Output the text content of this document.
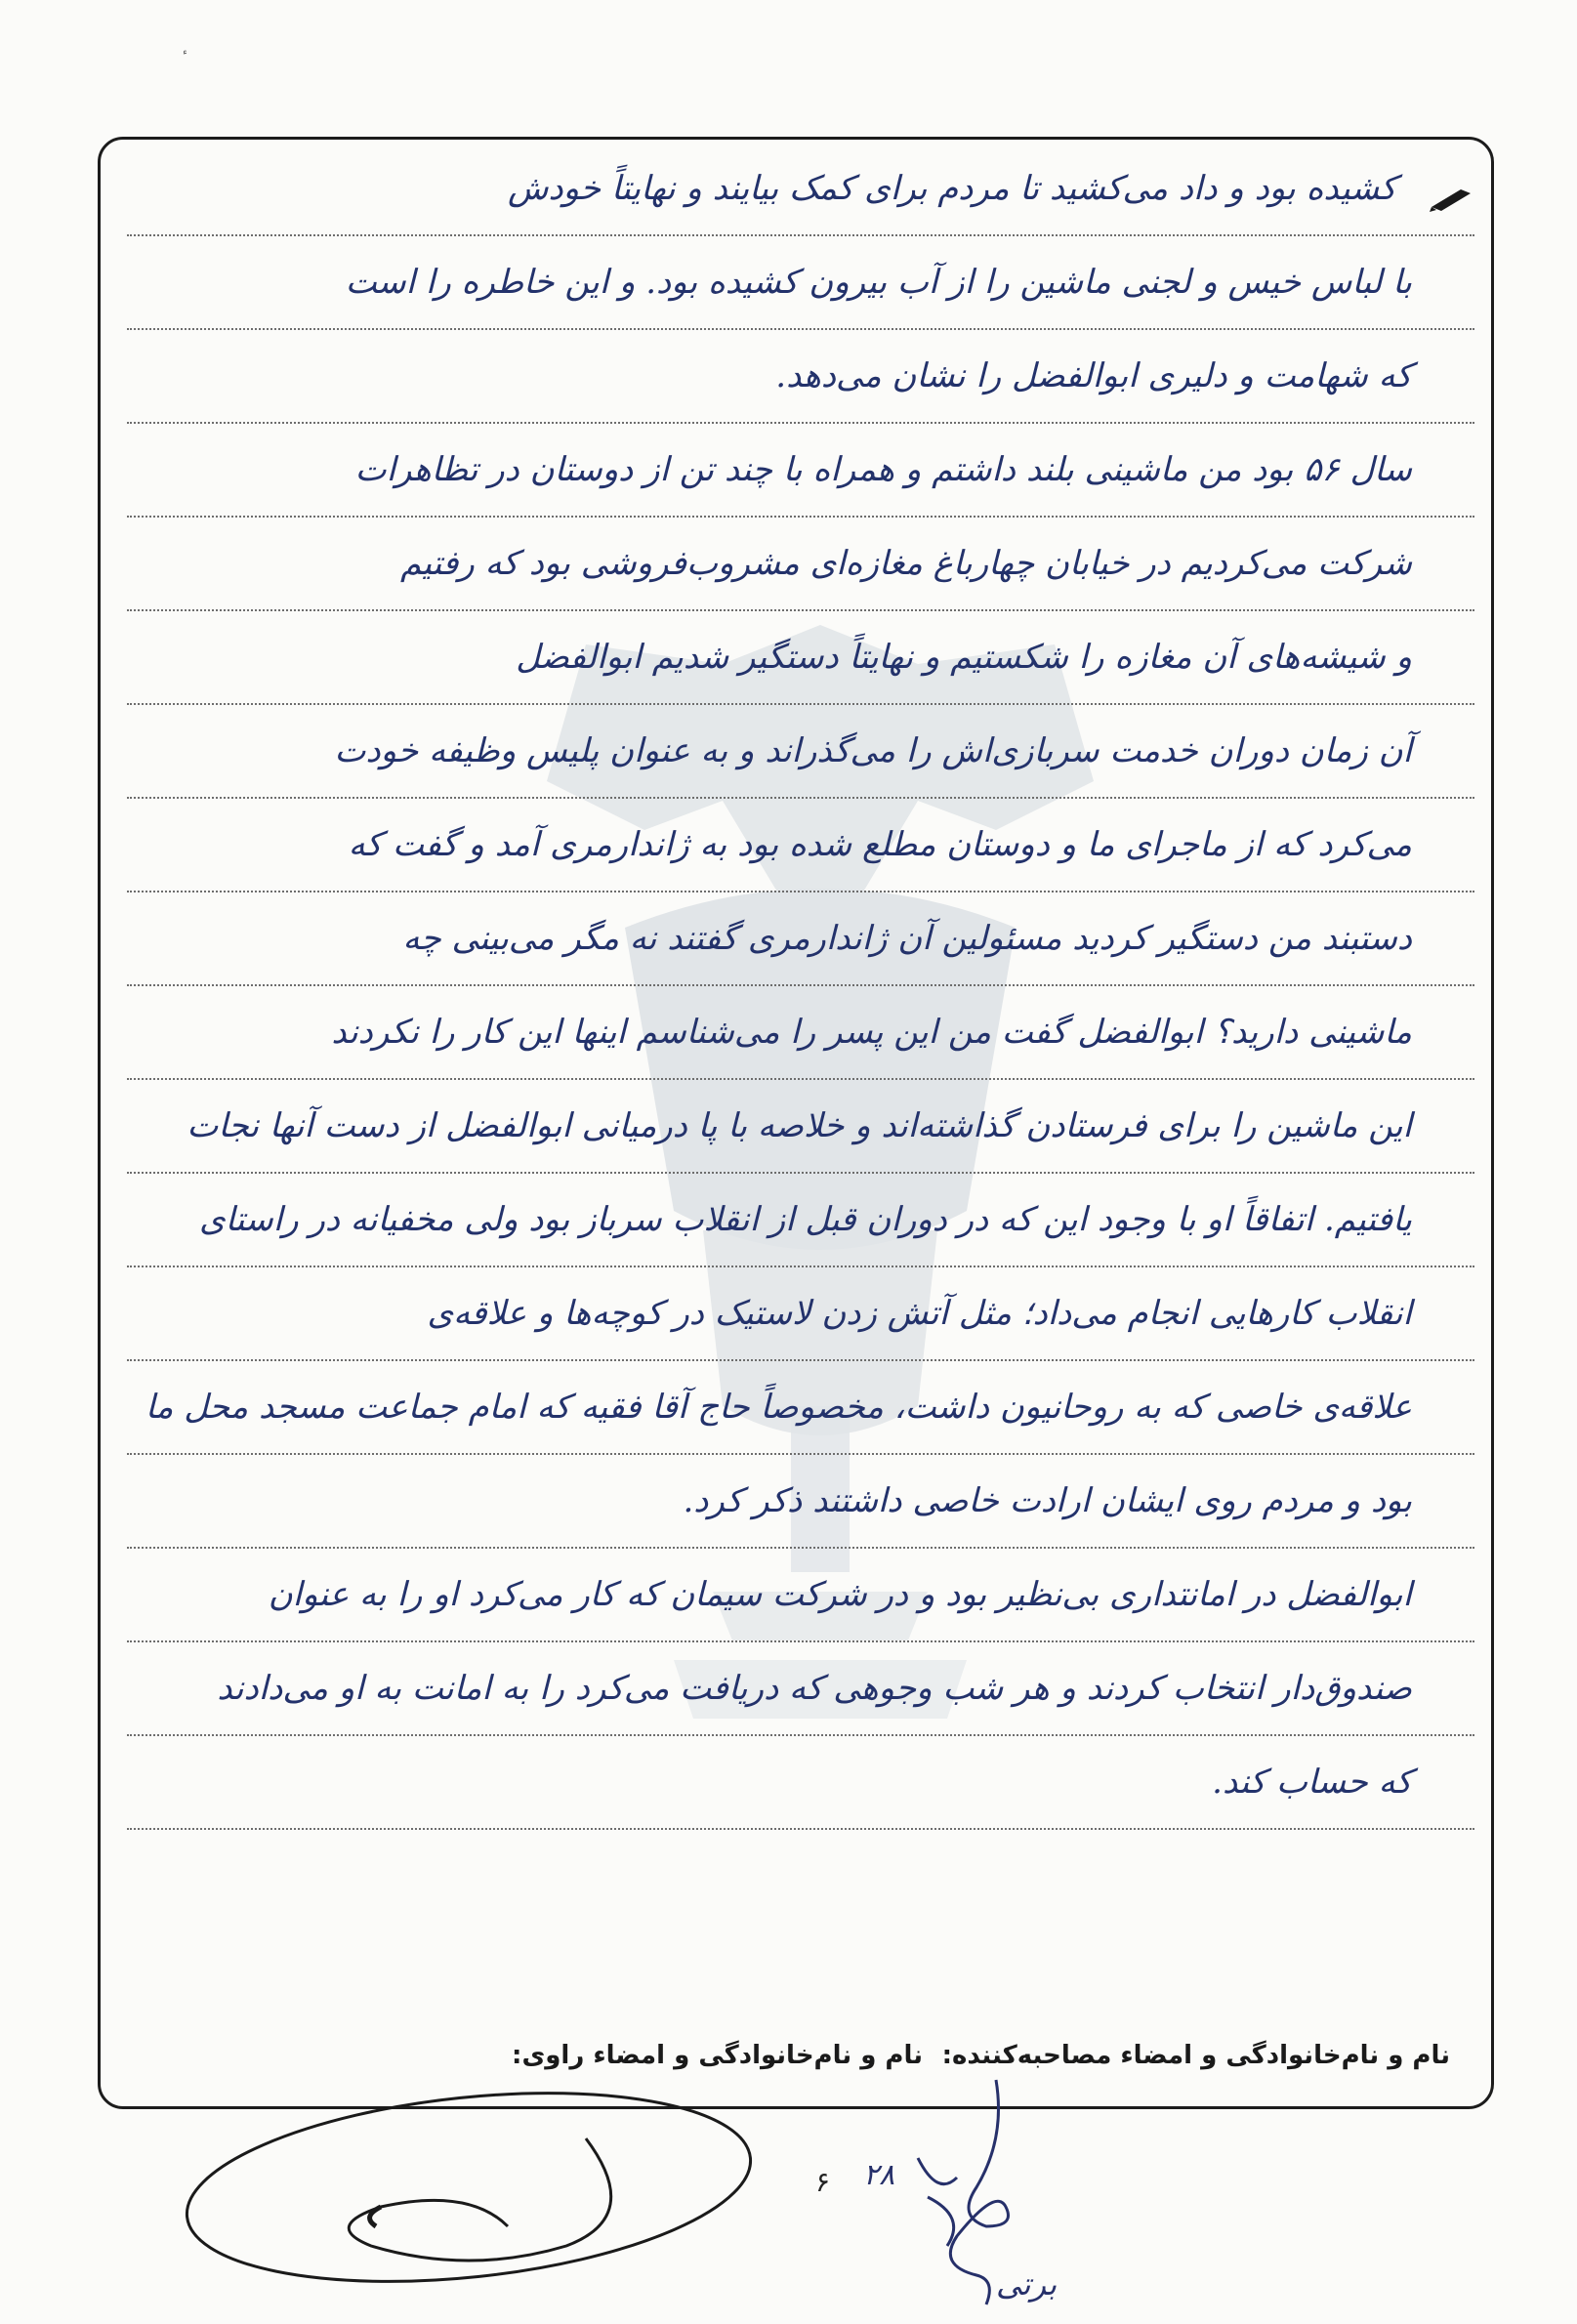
کشیده بود و داد می‌کشید تا مردم برای کمک بیایند و نهایتاً خودش
با لباس خیس و لجنی ماشین را از آب بیرون کشیده بود. و این خاطره را است
که شهامت و دلیری ابوالفضل را نشان می‌دهد.
سال ۵۶ بود من ماشینی بلند داشتم و همراه با چند تن از دوستان در تظاهرات
شرکت می‌کردیم در خیابان چهارباغ مغازه‌ای مشروب‌فروشی بود که رفتیم
و شیشه‌های آن مغازه را شکستیم و نهایتاً دستگیر شدیم ابوالفضل
آن زمان دوران خدمت سربازی‌اش را می‌گذراند و به عنوان پلیس وظیفه خودت
می‌کرد که از ماجرای ما و دوستان مطلع شده بود به ژاندارمری آمد و گفت که
دستبند من دستگیر کردید مسئولین آن ژاندارمری گفتند نه مگر می‌بینی چه
ماشینی دارید؟ ابوالفضل گفت من این پسر را می‌شناسم اینها این کار را نکردند
این ماشین را برای فرستادن گذاشته‌اند و خلاصه با پا درمیانی ابوالفضل از دست آنها نجات
یافتیم. اتفاقاً او با وجود این که در دوران قبل از انقلاب سرباز بود ولی مخفیانه در راستای
انقلاب کارهایی انجام می‌داد؛ مثل آتش زدن لاستیک در کوچه‌ها و علاقه‌ی
علاقه‌ی خاصی که به روحانیون داشت، مخصوصاً حاج آقا فقیه که امام جماعت مسجد محل ما
بود و مردم روی ایشان ارادت خاصی داشتند ذکر کرد.
ابوالفضل در امانتداری بی‌نظیر بود و در شرکت سیمان که کار می‌کرد او را به عنوان
صندوق‌دار انتخاب کردند و هر شب وجوهی که دریافت می‌کرد را به امانت به او می‌دادند
که حساب کند.
نام و نام‌خانوادگی و امضاء مصاحبه‌کننده:
نام و نام‌خانوادگی و امضاء راوی:
۶ ۲۸
برتی
